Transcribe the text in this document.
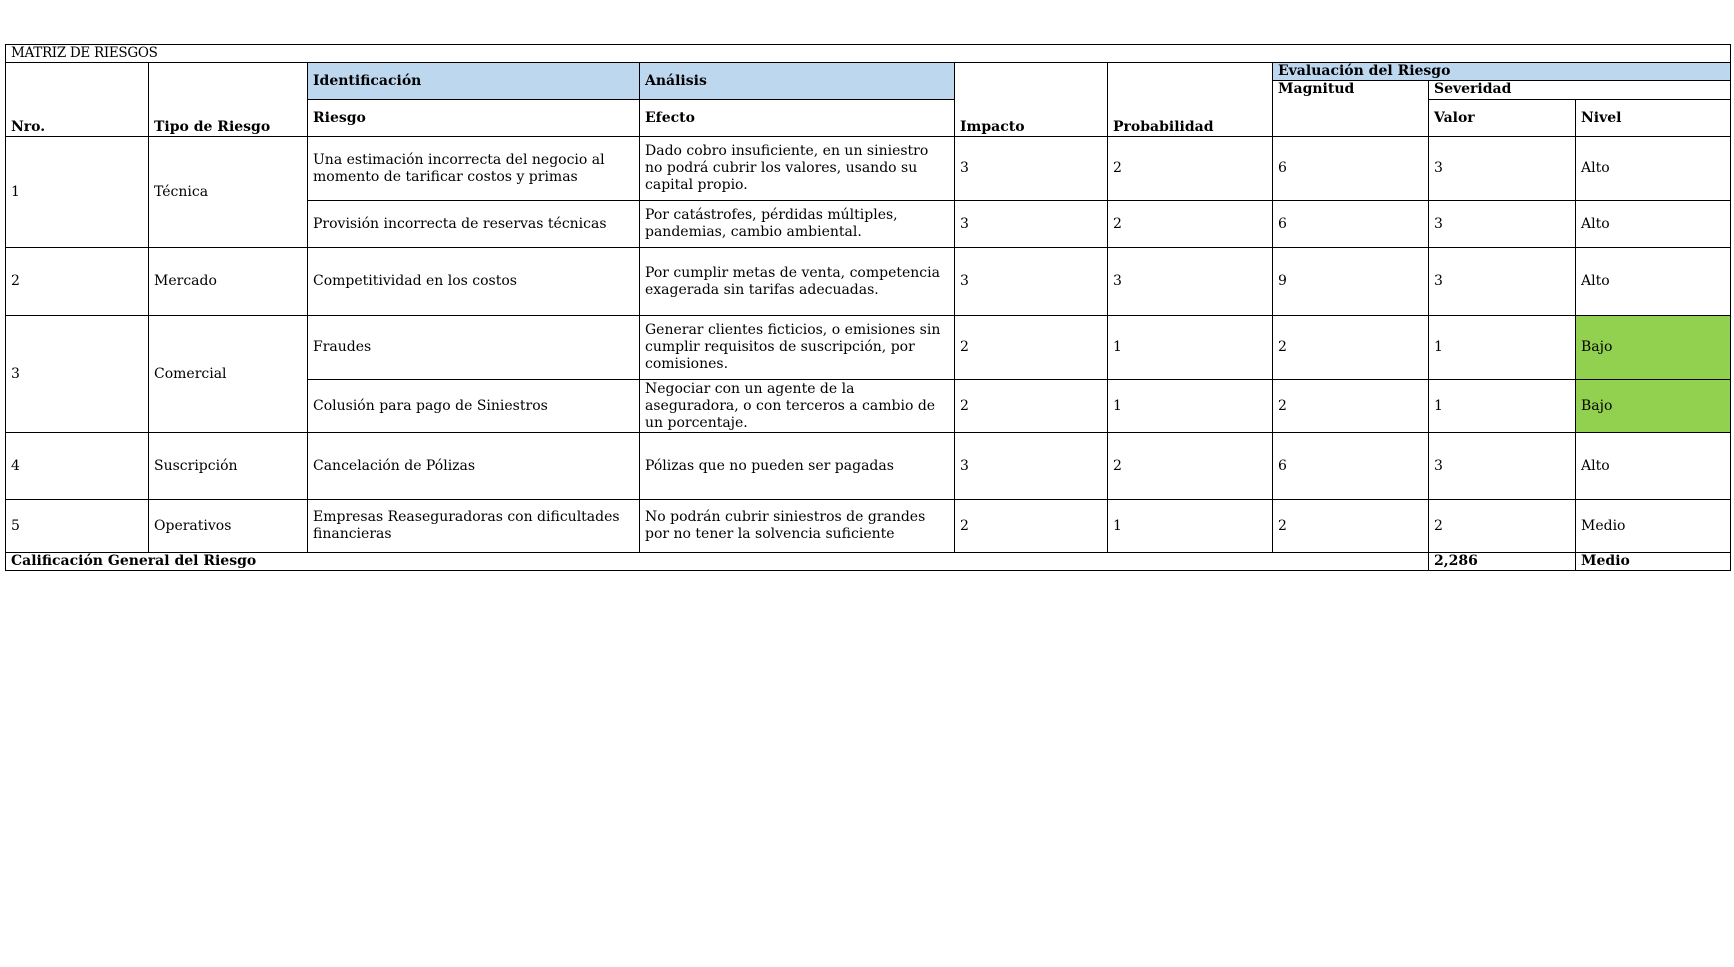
MATRIZ DE RIESGOS								
Nro.	Tipo de Riesgo	Identificación	Análisis	Impacto	Probabilidad	Evaluación del Riesgo		
						Magnitud	Severidad	
		Riesgo	Efecto				Valor	Nivel

1	Técnica	Una estimación incorrecta del negocio al momento de tarificar costos y primas	Dado cobro insuficiente, en un siniestro no podrá cubrir los valores, usando su capital propio.	3	2	6	3	Alto
		Provisión incorrecta de reservas técnicas	Por catástrofes, pérdidas múltiples, pandemias, cambio ambiental.	3	2	6	3	Alto
2	Mercado	Competitividad en los costos	Por cumplir metas de venta, competencia exagerada sin tarifas adecuadas.	3	3	9	3	Alto
3	Comercial	Fraudes	Generar clientes ficticios, o emisiones sin cumplir requisitos de suscripción, por comisiones.	2	1	2	1	Bajo
		Colusión para pago de Siniestros	Negociar con un agente de la aseguradora, o con terceros a cambio de un porcentaje.	2	1	2	1	Bajo
4	Suscripción	Cancelación de Pólizas	Pólizas que no pueden ser pagadas	3	2	6	3	Alto
5	Operativos	Empresas Reaseguradoras con dificultades financieras	No podrán cubrir siniestros de grandes por no tener la solvencia suficiente	2	1	2	2	Medio
Calificación General del Riesgo							2,286	Medio
